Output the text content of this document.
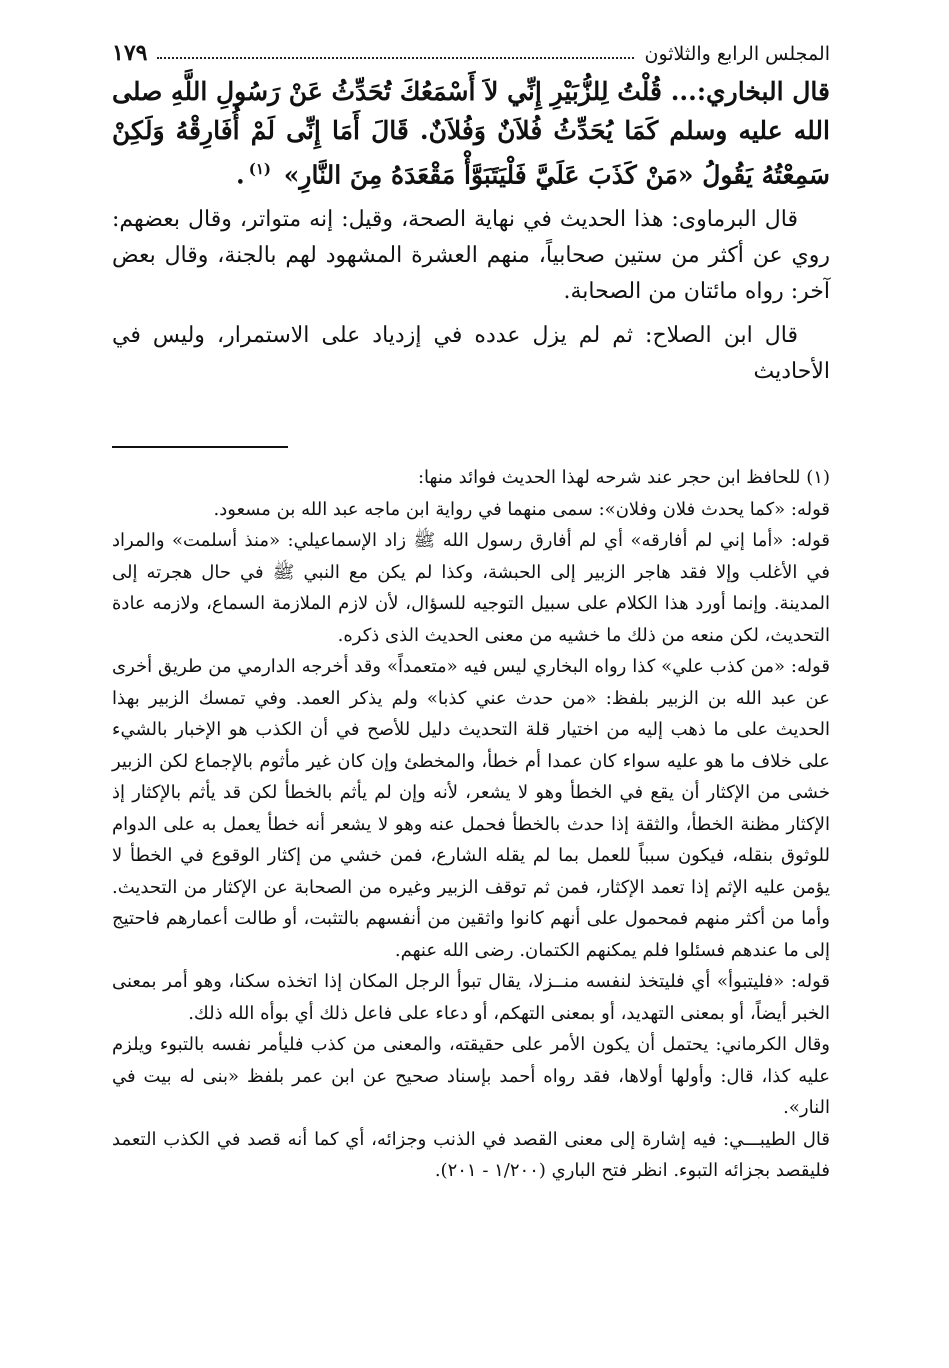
المجلس الرابع والثلاثون
١٧٩
قال البخاري:... قُلْتُ لِلزُّبَيْرِ إِنِّي لاَ أَسْمَعُكَ تُحَدِّثُ عَنْ رَسُولِ اللَّهِ صلى الله عليه وسلم كَمَا يُحَدِّثُ فُلاَنٌ وَفُلاَنٌ. قَالَ أَمَا إِنِّى لَمْ أُفَارِقْهُ وَلَكِنْ سَمِعْتُهُ يَقُولُ «مَنْ كَذَبَ عَلَيَّ فَلْيَتَبَوَّأْ مَقْعَدَهُ مِنَ النَّارِ» $^{(١)}$.

قال البرماوى: هذا الحديث في نهاية الصحة، وقيل: إنه متواتر، وقال بعضهم: روي عن أكثر من ستين صحابياً، منهم العشرة المشهود لهم بالجنة، وقال بعض آخر: رواه مائتان من الصحابة.

قال ابن الصلاح: ثم لم يزل عدده في إزدياد على الاستمرار، وليس في الأحاديث

(١) للحافظ ابن حجر عند شرحه لهذا الحديث فوائد منها:

قوله: «كما يحدث فلان وفلان»: سمى منهما في رواية ابن ماجه عبد الله بن مسعود.

قوله: «أما إني لم أفارقه» أي لم أفارق رسول الله ﷺ زاد الإسماعيلي: «منذ أسلمت» والمراد في الأغلب وإلا فقد هاجر الزبير إلى الحبشة، وكذا لم يكن مع النبي ﷺ في حال هجرته إلى المدينة. وإنما أورد هذا الكلام على سبيل التوجيه للسؤال، لأن لازم الملازمة السماع، ولازمه عادة التحديث، لكن منعه من ذلك ما خشيه من معنى الحديث الذى ذكره.

قوله: «من كذب علي» كذا رواه البخاري ليس فيه «متعمداً» وقد أخرجه الدارمي من طريق أخرى عن عبد الله بن الزبير بلفظ: «من حدث عني كذبا» ولم يذكر العمد. وفي تمسك الزبير بهذا الحديث على ما ذهب إليه من اختيار قلة التحديث دليل للأصح في أن الكذب هو الإخبار بالشيء على خلاف ما هو عليه سواء كان عمدا أم خطأ، والمخطئ وإن كان غير مأثوم بالإجماع لكن الزبير خشى من الإكثار أن يقع في الخطأ وهو لا يشعر، لأنه وإن لم يأثم بالخطأ لكن قد يأثم بالإكثار إذ الإكثار مظنة الخطأ، والثقة إذا حدث بالخطأ فحمل عنه وهو لا يشعر أنه خطأ يعمل به على الدوام للوثوق بنقله، فيكون سبباً للعمل بما لم يقله الشارع، فمن خشي من إكثار الوقوع في الخطأ لا يؤمن عليه الإثم إذا تعمد الإكثار، فمن ثم توقف الزبير وغيره من الصحابة عن الإكثار من التحديث. وأما من أكثر منهم فمحمول على أنهم كانوا واثقين من أنفسهم بالتثبت، أو طالت أعمارهم فاحتيج إلى ما عندهم فسئلوا فلم يمكنهم الكتمان. رضى الله عنهم.

قوله: «فليتبوأ» أي فليتخذ لنفسه منــزلا، يقال تبوأ الرجل المكان إذا اتخذه سكنا، وهو أمر بمعنى الخبر أيضاً، أو بمعنى التهديد، أو بمعنى التهكم، أو دعاء على فاعل ذلك أي بوأه الله ذلك.

وقال الكرماني: يحتمل أن يكون الأمر على حقيقته، والمعنى من كذب فليأمر نفسه بالتبوء ويلزم عليه كذا، قال: وأولها أولاها، فقد رواه أحمد بإسناد صحيح عن ابن عمر بلفظ «بنى له بيت في النار».

قال الطيبـــي: فيه إشارة إلى معنى القصد في الذنب وجزائه، أي كما أنه قصد في الكذب التعمد فليقصد بجزائه التبوء. انظر فتح الباري (١/٢٠٠ - ٢٠١).
